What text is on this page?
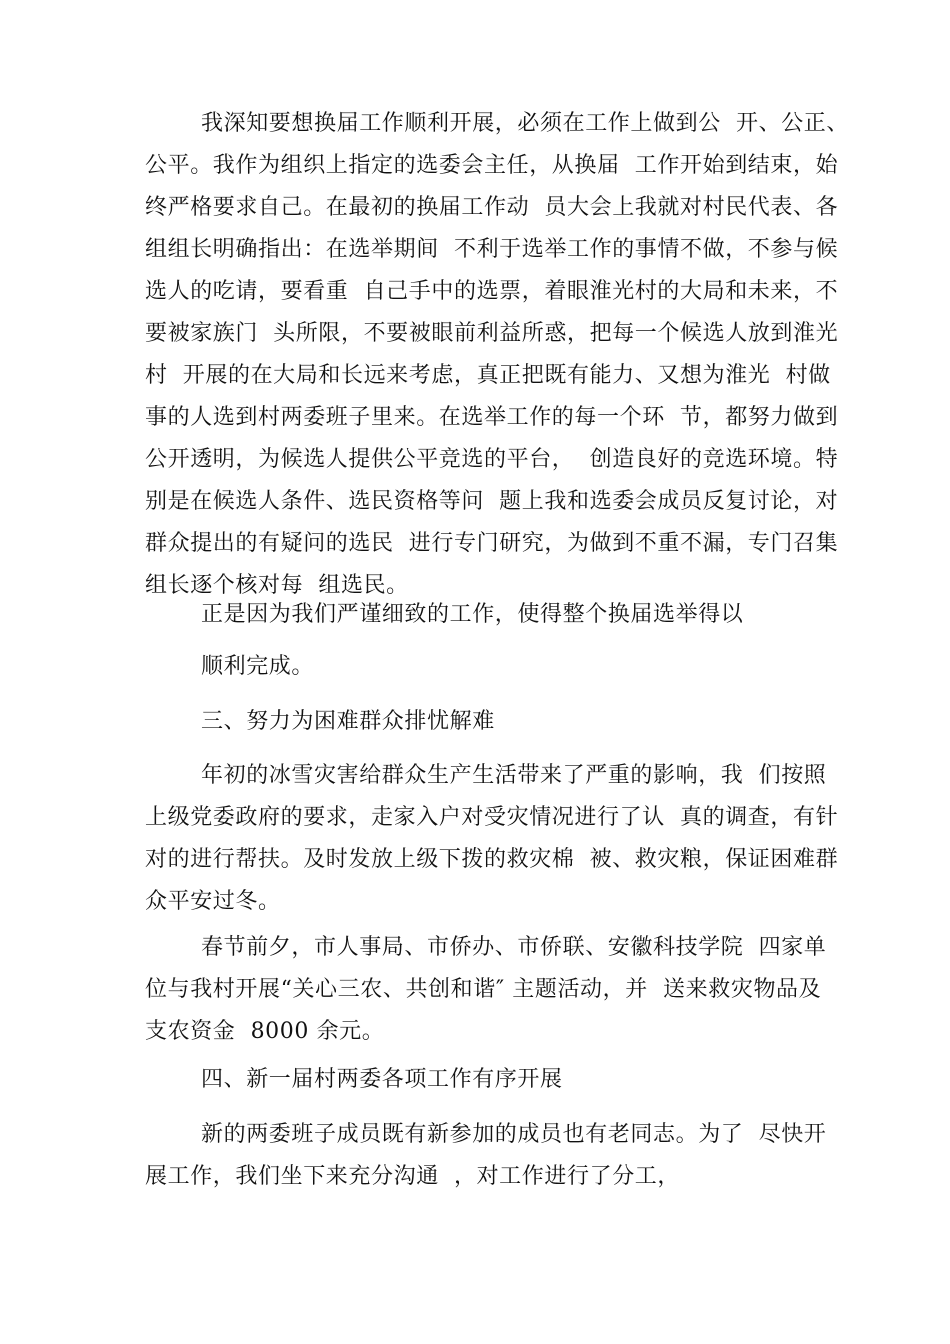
我深知要想换届工作顺利开展，必须在工作上做到公  开、公正、
公平。我作为组织上指定的选委会主任，从换届  工作开始到结束，始
终严格要求自己。在最初的换届工作动  员大会上我就对村民代表、各
组组长明确指出：在选举期间  不利于选举工作的事情不做，不参与候
选人的吃请，要看重  自己手中的选票，着眼淮光村的大局和未来，不
要被家族门  头所限，不要被眼前利益所惑，把每一个候选人放到淮光
村  开展的在大局和长远来考虑，真正把既有能力、又想为淮光  村做
事的人选到村两委班子里来。在选举工作的每一个环  节，都努力做到
公开透明，为候选人提供公平竞选的平台，  创造良好的竞选环境。特
别是在候选人条件、选民资格等问  题上我和选委会成员反复讨论，对
群众提出的有疑问的选民  进行专门研究，为做到不重不漏，专门召集
组长逐个核对每  组选民。
正是因为我们严谨细致的工作，使得整个换届选举得以
顺利完成。
三、努力为困难群众排忧解难
年初的冰雪灾害给群众生产生活带来了严重的影响，我  们按照
上级党委政府的要求，走家入户对受灾情况进行了认  真的调查，有针
对的进行帮扶。及时发放上级下拨的救灾棉  被、救灾粮，保证困难群
众平安过冬。
春节前夕，市人事局、市侨办、市侨联、安徽科技学院  四家单
位与我村开展“关心三农、共创和谐″ 主题活动，并  送来救灾物品及
支农资金  8000 余元。
四、新一届村两委各项工作有序开展
新的两委班子成员既有新参加的成员也有老同志。为了  尽快开
展工作，我们坐下来充分沟通  ，对工作进行了分工，
